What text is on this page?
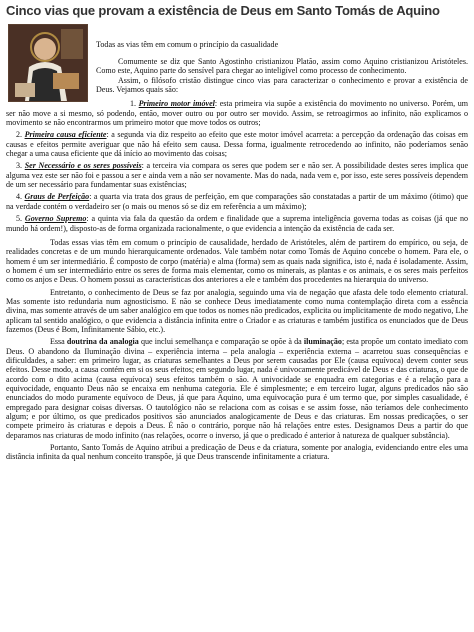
Cinco vias que provam a existência de Deus em Santo Tomás de Aquino
Todas as vias têm em comum o princípio da casualidade

Comumente se diz que Santo Agostinho cristianizou Platão, assim como Aquino cristianizou Aristóteles. Como este, Aquino parte do sensível para chegar ao inteligível como processo de conhecimento.

Assim, o filósofo cristão distingue cinco vias para caracterizar o conhecimento e provar a existência de Deus. Vejamos quais são:

1. Primeiro motor imóvel: esta primeira via supõe a existência do movimento no universo. Porém, um ser não move a si mesmo, só podendo, então, mover outro ou por outro ser movido. Assim, se retroagirmos ao infinito, não explicamos o movimento se não encontrarmos um primeiro motor que move todos os outros;

2. Primeira causa eficiente: a segunda via diz respeito ao efeito que este motor imóvel acarreta: a percepção da ordenação das coisas em causas e efeitos permite averiguar que não há efeito sem causa. Dessa forma, igualmente retrocedendo ao infinito, não poderíamos senão chegar a uma causa eficiente que dá início ao movimento das coisas;

3. Ser Necessário e os seres possíveis: a terceira via compara os seres que podem ser e não ser. A possibilidade destes seres implica que alguma vez este ser não foi e passou a ser e ainda vem a não ser novamente. Mas do nada, nada vem e, por isso, este seres possíveis dependem de um ser necessário para fundamentar suas existências;

4. Graus de Perfeição: a quarta via trata dos graus de perfeição, em que comparações são constatadas a partir de um máximo (ótimo) que na verdade contém o verdadeiro ser (o mais ou menos só se diz em referência a um máximo);

5. Governo Supremo: a quinta via fala da questão da ordem e finalidade que a suprema inteligência governa todas as coisas (já que no mundo há ordem!), disposto-as de forma organizada racionalmente, o que evidencia a intenção da existência de cada ser.

Todas essas vias têm em comum o princípio de causalidade, herdado de Aristóteles, além de partirem do empírico, ou seja, de realidades concretas e de um mundo hierarquicamente ordenados. Vale também notar como Tomás de Aquino concebe o homem. Para ele, o homem é um ser intermediário. É composto de corpo (matéria) e alma (forma) sem as quais nada significa, isto é, nada é isoladamente. Assim, o homem é um ser intermediário entre os seres de forma mais elementar, como os minerais, as plantas e os animais, e os seres mais perfeitos como os anjos e Deus. O homem possui as características dos anteriores a ele e também dos procedentes na hierarquia do universo.

Entretanto, o conhecimento de Deus se faz por analogia, seguindo uma via de negação que afasta dele todo elemento criatural. Mas somente isto redundaria num agnosticismo. E não se conhece Deus imediatamente como numa contemplação direta com a essência divina, mas somente através de um saber analógico em que todos os nomes não predicados, explicita ou implicitamente de modo negativo, Lhe aplicam tal sentido analógico, o que evidencia a distância infinita entre o Criador e as criaturas e também justifica os enunciados que de Deus fazemos (Deus é Bom, Infinitamente Sábio, etc.).

Essa doutrina da analogia que inclui semelhança e comparação se opõe à da iluminação; esta propõe um contato imediato com Deus. O abandono da Iluminação divina – experiência interna – pela analogia – experiência externa – acarretou suas consequências e dificuldades, a saber: em primeiro lugar, as criaturas semelhantes a Deus por serem causadas por Ele (causa equívoca) devem conter seus efeitos. Desse modo, a causa contém em si os seus efeitos; em segundo lugar, nada é univocamente predicável de Deus e das criaturas, o que de acordo com o dito acima (causa equívoca) seus efeitos também o são. A univocidade se enquadra em categorias e é a relação para a equivocidade, enquanto Deus não se encaixa em nenhuma categoria. Ele é simplesmente; e em terceiro lugar, alguns predicados não são enunciados do modo puramente equívoco de Deus, já que para Aquino, uma equivocação pura é um termo que, por simples casualidade, é empregado para designar coisas diversas. O tautológico não se relaciona com as coisas e se assim fosse, não teríamos dele conhecimento algum; e por último, os que predicados positivos são anunciados analogicamente de Deus e das criaturas. Em nossas predicações, o ser compete primeiro às criaturas e depois a Deus. É não o contrário, porque não há relações entre estes. Designamos Deus a partir do que deparamos nas criaturas de modo infinito (nas relações, ocorre o inverso, já que o predicado é anterior à natureza de qualquer substância).

Portanto, Santo Tomás de Aquino atribui a predicação de Deus e da criatura, somente por analogia, evidenciando entre eles uma distância infinita da qual nenhum conceito transpõe, já que Deus transcende infinitamente a criatura.
